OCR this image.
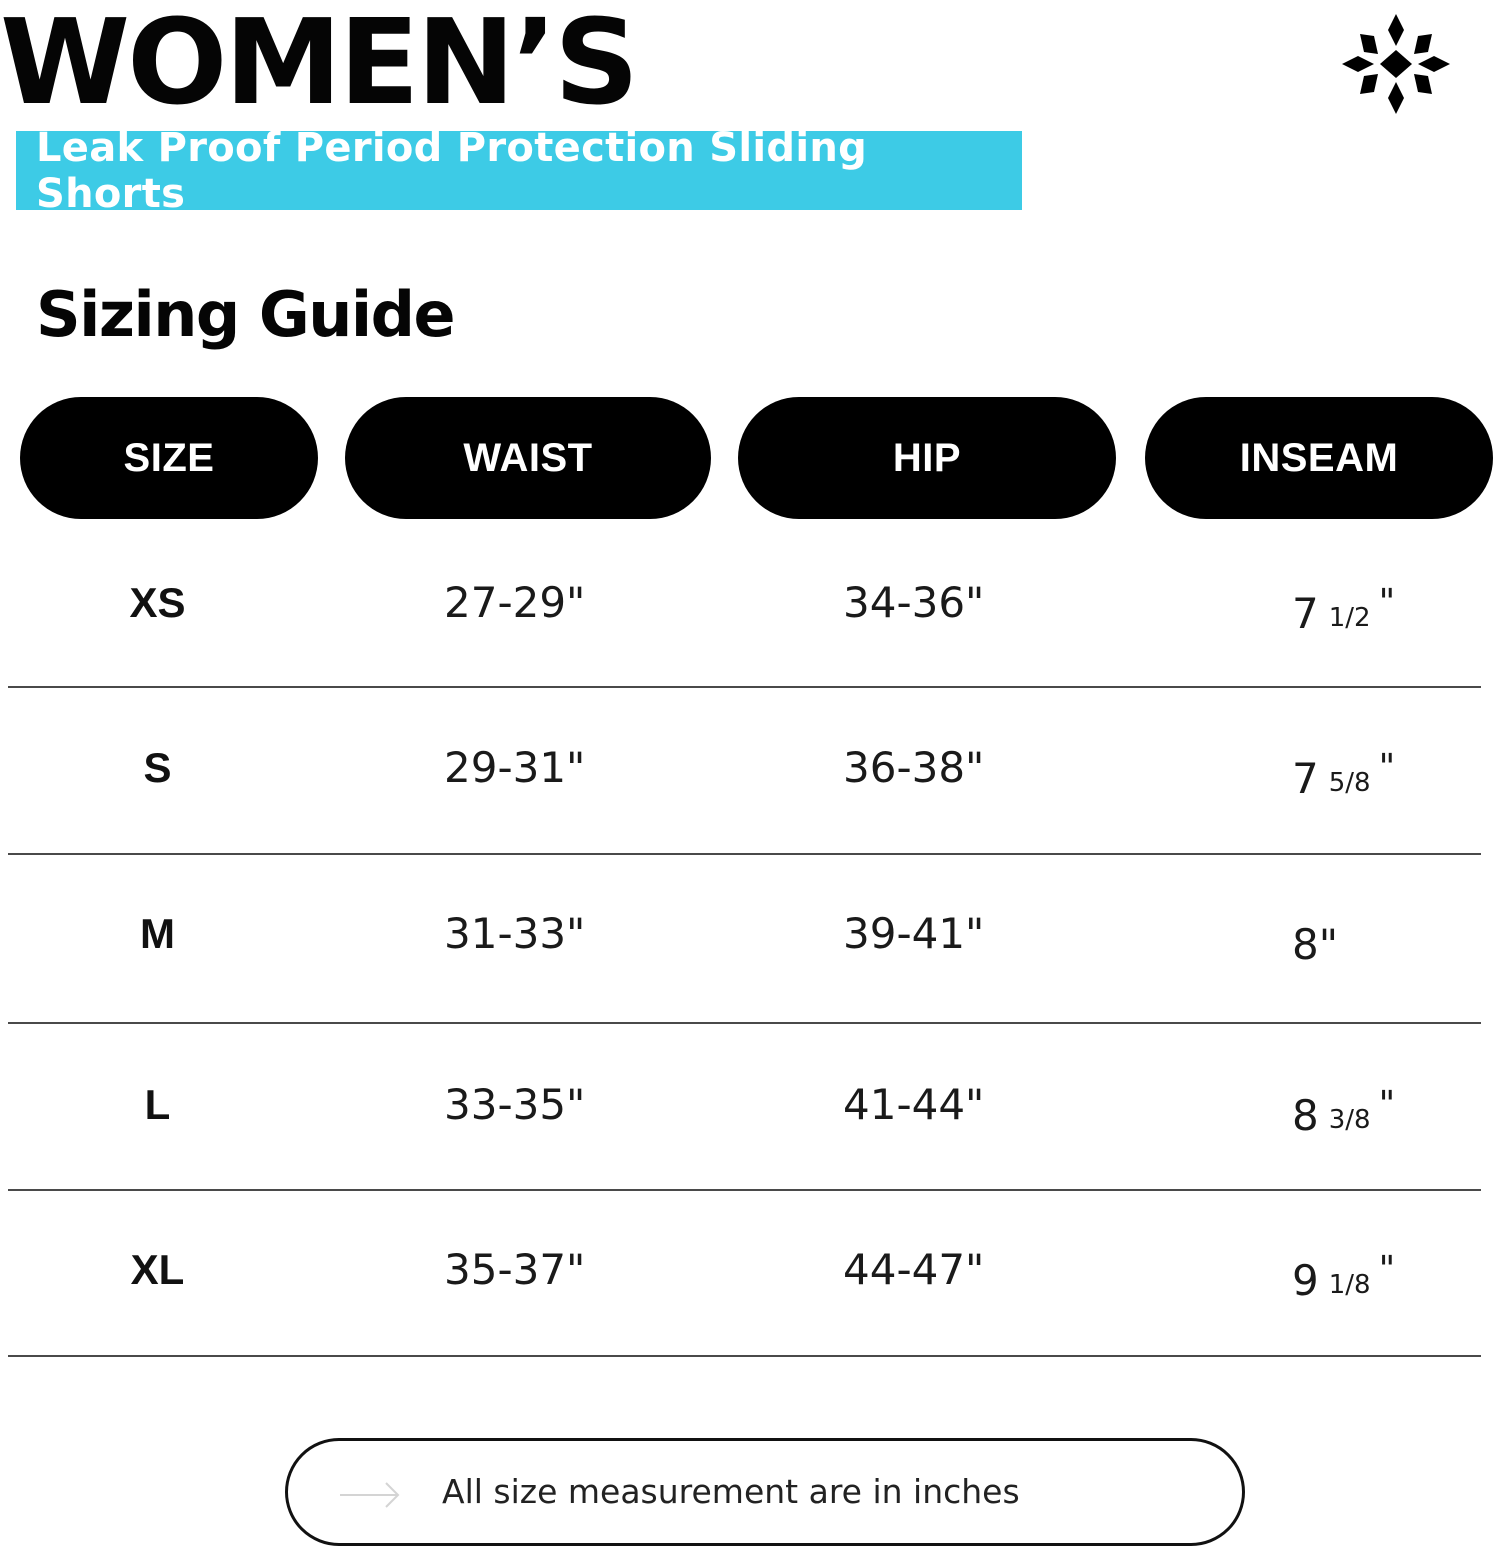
WOMEN’S
Leak Proof Period Protection Sliding Shorts
Sizing Guide
SIZE	WAIST	HIP	INSEAM
XS	27-29"	34-36"	7 1/2 "
S	29-31"	36-38"	7 5/8 "
M	31-33"	39-41"	8"
L	33-35"	41-44"	8 3/8 "
XL	35-37"	44-47"	9 1/8 "
All size measurement are in inches
